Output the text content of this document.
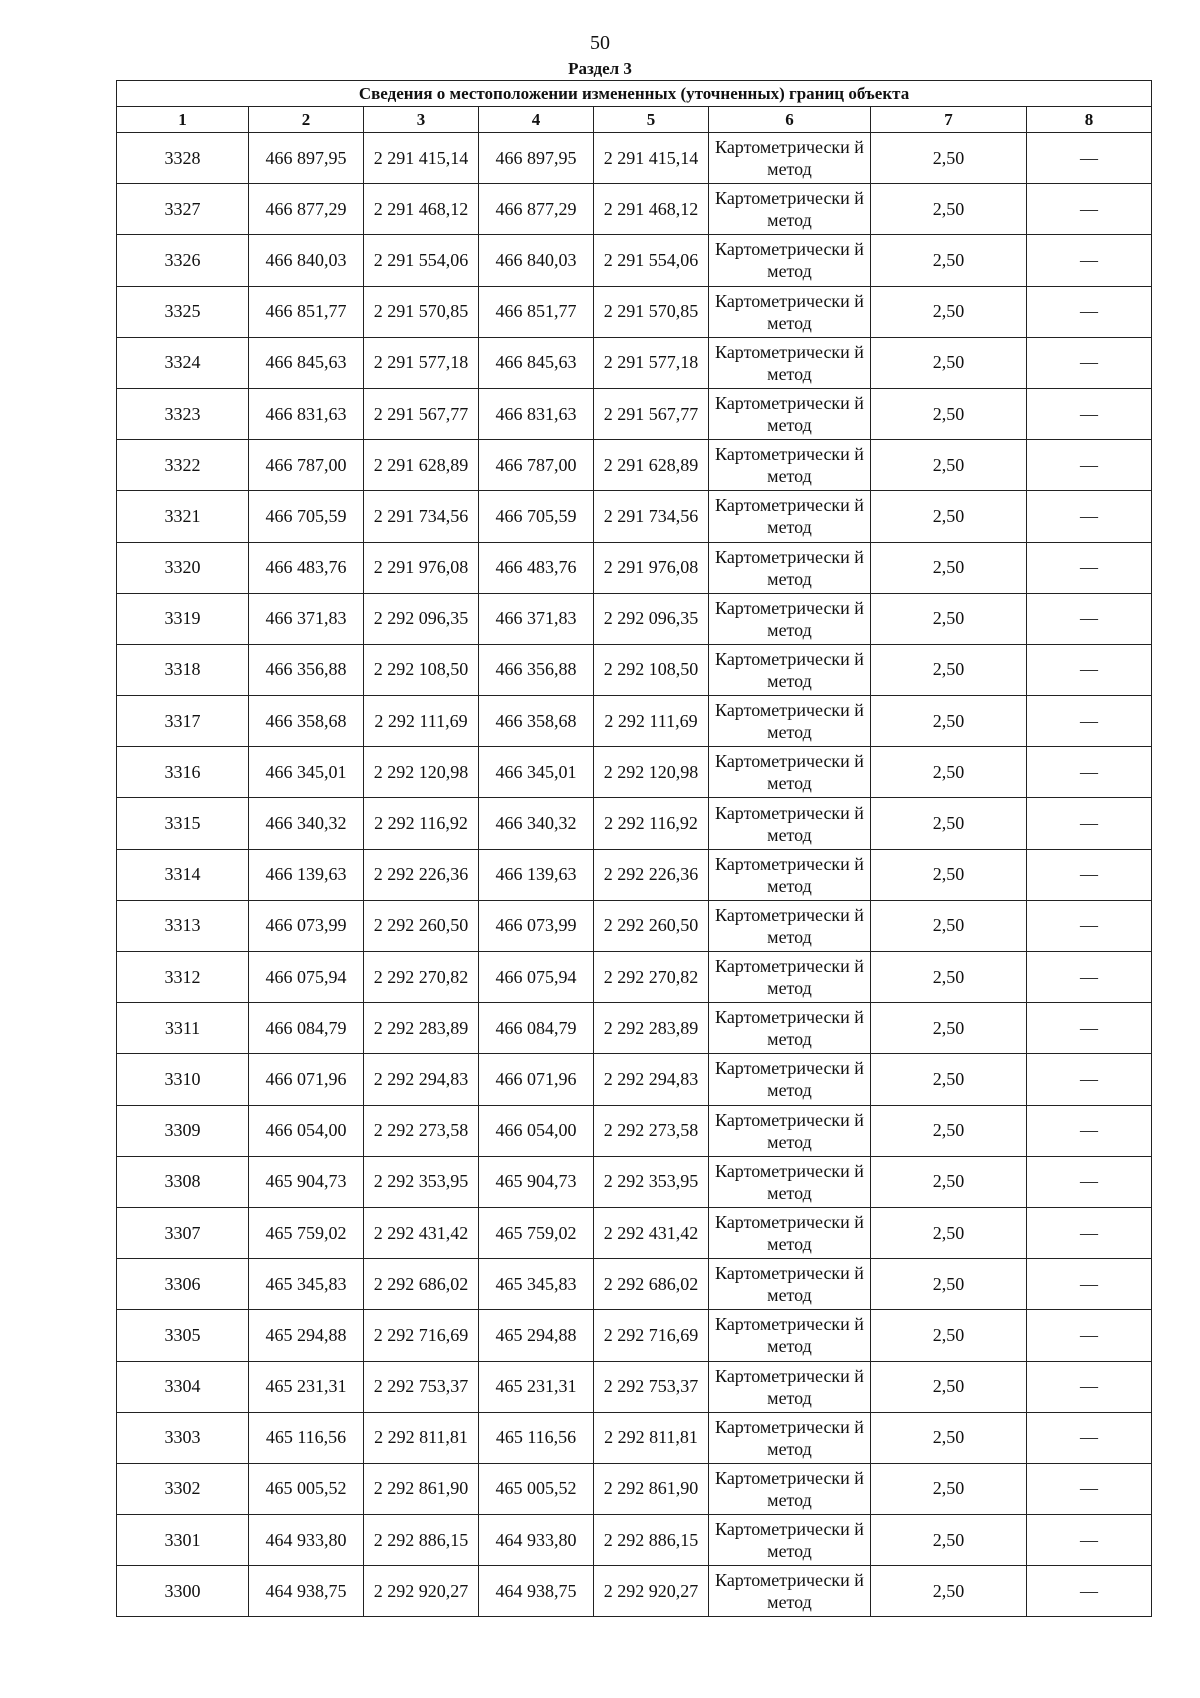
50
Раздел 3
Сведения о местоположении измененных (уточненных) границ объекта							
1	2	3	4	5	6	7	8
3328	466 897,95	2 291 415,14	466 897,95	2 291 415,14	Картометрически й метод	2,50	—
3327	466 877,29	2 291 468,12	466 877,29	2 291 468,12	Картометрически й метод	2,50	—
3326	466 840,03	2 291 554,06	466 840,03	2 291 554,06	Картометрически й метод	2,50	—
3325	466 851,77	2 291 570,85	466 851,77	2 291 570,85	Картометрически й метод	2,50	—
3324	466 845,63	2 291 577,18	466 845,63	2 291 577,18	Картометрически й метод	2,50	—
3323	466 831,63	2 291 567,77	466 831,63	2 291 567,77	Картометрически й метод	2,50	—
3322	466 787,00	2 291 628,89	466 787,00	2 291 628,89	Картометрически й метод	2,50	—
3321	466 705,59	2 291 734,56	466 705,59	2 291 734,56	Картометрически й метод	2,50	—
3320	466 483,76	2 291 976,08	466 483,76	2 291 976,08	Картометрически й метод	2,50	—
3319	466 371,83	2 292 096,35	466 371,83	2 292 096,35	Картометрически й метод	2,50	—
3318	466 356,88	2 292 108,50	466 356,88	2 292 108,50	Картометрически й метод	2,50	—
3317	466 358,68	2 292 111,69	466 358,68	2 292 111,69	Картометрически й метод	2,50	—
3316	466 345,01	2 292 120,98	466 345,01	2 292 120,98	Картометрически й метод	2,50	—
3315	466 340,32	2 292 116,92	466 340,32	2 292 116,92	Картометрически й метод	2,50	—
3314	466 139,63	2 292 226,36	466 139,63	2 292 226,36	Картометрически й метод	2,50	—
3313	466 073,99	2 292 260,50	466 073,99	2 292 260,50	Картометрически й метод	2,50	—
3312	466 075,94	2 292 270,82	466 075,94	2 292 270,82	Картометрически й метод	2,50	—
3311	466 084,79	2 292 283,89	466 084,79	2 292 283,89	Картометрически й метод	2,50	—
3310	466 071,96	2 292 294,83	466 071,96	2 292 294,83	Картометрически й метод	2,50	—
3309	466 054,00	2 292 273,58	466 054,00	2 292 273,58	Картометрически й метод	2,50	—
3308	465 904,73	2 292 353,95	465 904,73	2 292 353,95	Картометрически й метод	2,50	—
3307	465 759,02	2 292 431,42	465 759,02	2 292 431,42	Картометрически й метод	2,50	—
3306	465 345,83	2 292 686,02	465 345,83	2 292 686,02	Картометрически й метод	2,50	—
3305	465 294,88	2 292 716,69	465 294,88	2 292 716,69	Картометрически й метод	2,50	—
3304	465 231,31	2 292 753,37	465 231,31	2 292 753,37	Картометрически й метод	2,50	—
3303	465 116,56	2 292 811,81	465 116,56	2 292 811,81	Картометрически й метод	2,50	—
3302	465 005,52	2 292 861,90	465 005,52	2 292 861,90	Картометрически й метод	2,50	—
3301	464 933,80	2 292 886,15	464 933,80	2 292 886,15	Картометрически й метод	2,50	—
3300	464 938,75	2 292 920,27	464 938,75	2 292 920,27	Картометрически й метод	2,50	—
